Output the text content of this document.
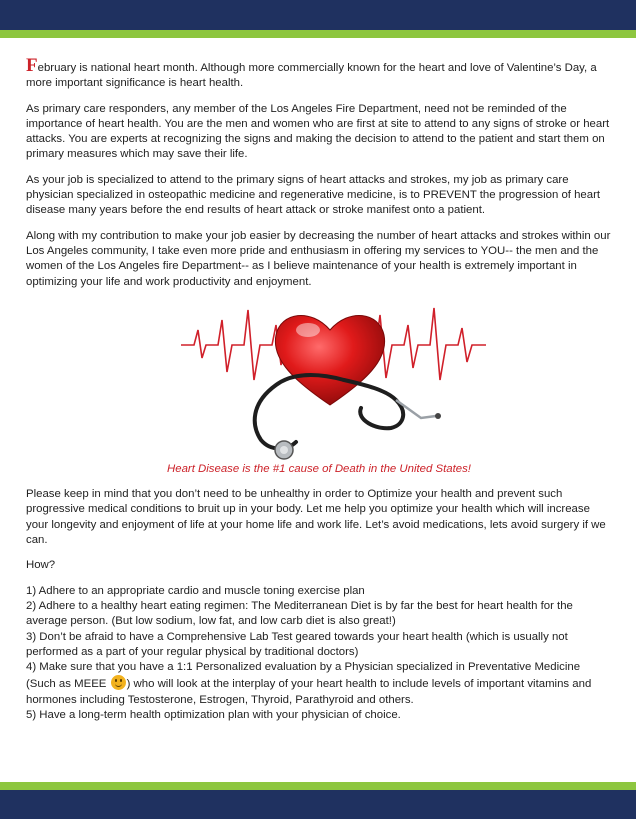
February is national heart month. Although more commercially known for the heart and love of Valentine’s Day, a more important significance is heart health.

As primary care responders, any member of the Los Angeles Fire Department, need not be reminded of the importance of heart health. You are the men and women who are first at site to attend to any signs of stroke or heart attacks. You are experts at recognizing the signs and making the decision to attend to the patient and start them on primary measures which may save their life.

As your job is specialized to attend to the primary signs of heart attacks and strokes, my job as primary care physician specialized in osteopathic medicine and regenerative medicine, is to PREVENT the progression of heart disease many years before the end results of heart attack or stroke manifest onto a patient.

Along with my contribution to make your job easier by decreasing the number of heart attacks and strokes within our Los Angeles community, I take even more pride and enthusiasm in offering my services to YOU-- the men and the women of the Los Angeles fire Department-- as I believe maintenance of your health is extremely important in optimizing your life and work productivity and enjoyment.

Heart Disease is the #1 cause of Death in the United States!

Please keep in mind that you don’t need to be unhealthy in order to Optimize your health and prevent such progressive medical conditions to bruit up in your body. Let me help you optimize your health which will increase your longevity and enjoyment of life at your home life and work life. Let’s avoid medications, lets avoid surgery if we can.

How?

1) Adhere to an appropriate cardio and muscle toning exercise plan
2) Adhere to a healthy heart eating regimen: The Mediterranean Diet is by far the best for heart health for the average person. (But low sodium, low fat, and low carb diet is also great!)
3) Don’t be afraid to have a Comprehensive Lab Test geared towards your heart health (which is usually not performed as a part of your regular physical by traditional doctors)
4) Make sure that you have a 1:1 Personalized evaluation by a Physician specialized in Preventative Medicine (Such as MEEE
) who will look at the interplay of your heart health to include levels of important vitamins and hormones including Testosterone, Estrogen, Thyroid, Parathyroid and others.
5) Have a long-term health optimization plan with your physician of choice.
